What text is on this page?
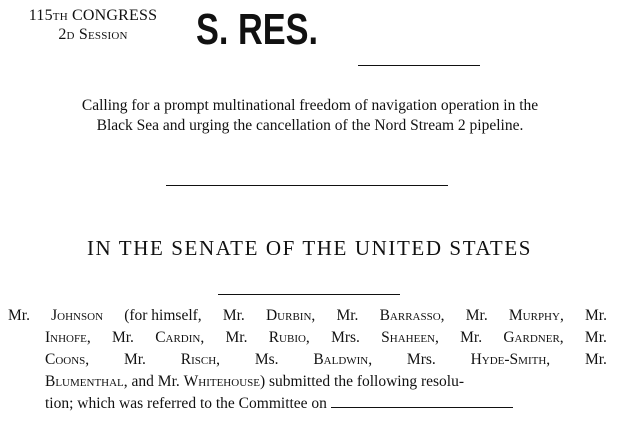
115th CONGRESS
2d Session	S. RES.
Calling for a prompt multinational freedom of navigation operation in the
Black Sea and urging the cancellation of the Nord Stream 2 pipeline.
IN THE SENATE OF THE UNITED STATES
Mr. Johnson (for himself, Mr. Durbin, Mr. Barrasso, Mr. Murphy, Mr.
Inhofe, Mr. Cardin, Mr. Rubio, Mrs. Shaheen, Mr. Gardner, Mr.
Coons, Mr. Risch, Ms. Baldwin, Mrs. Hyde-Smith, Mr.
Blumenthal, and Mr. Whitehouse) submitted the following resolu-
tion; which was referred to the Committee on
